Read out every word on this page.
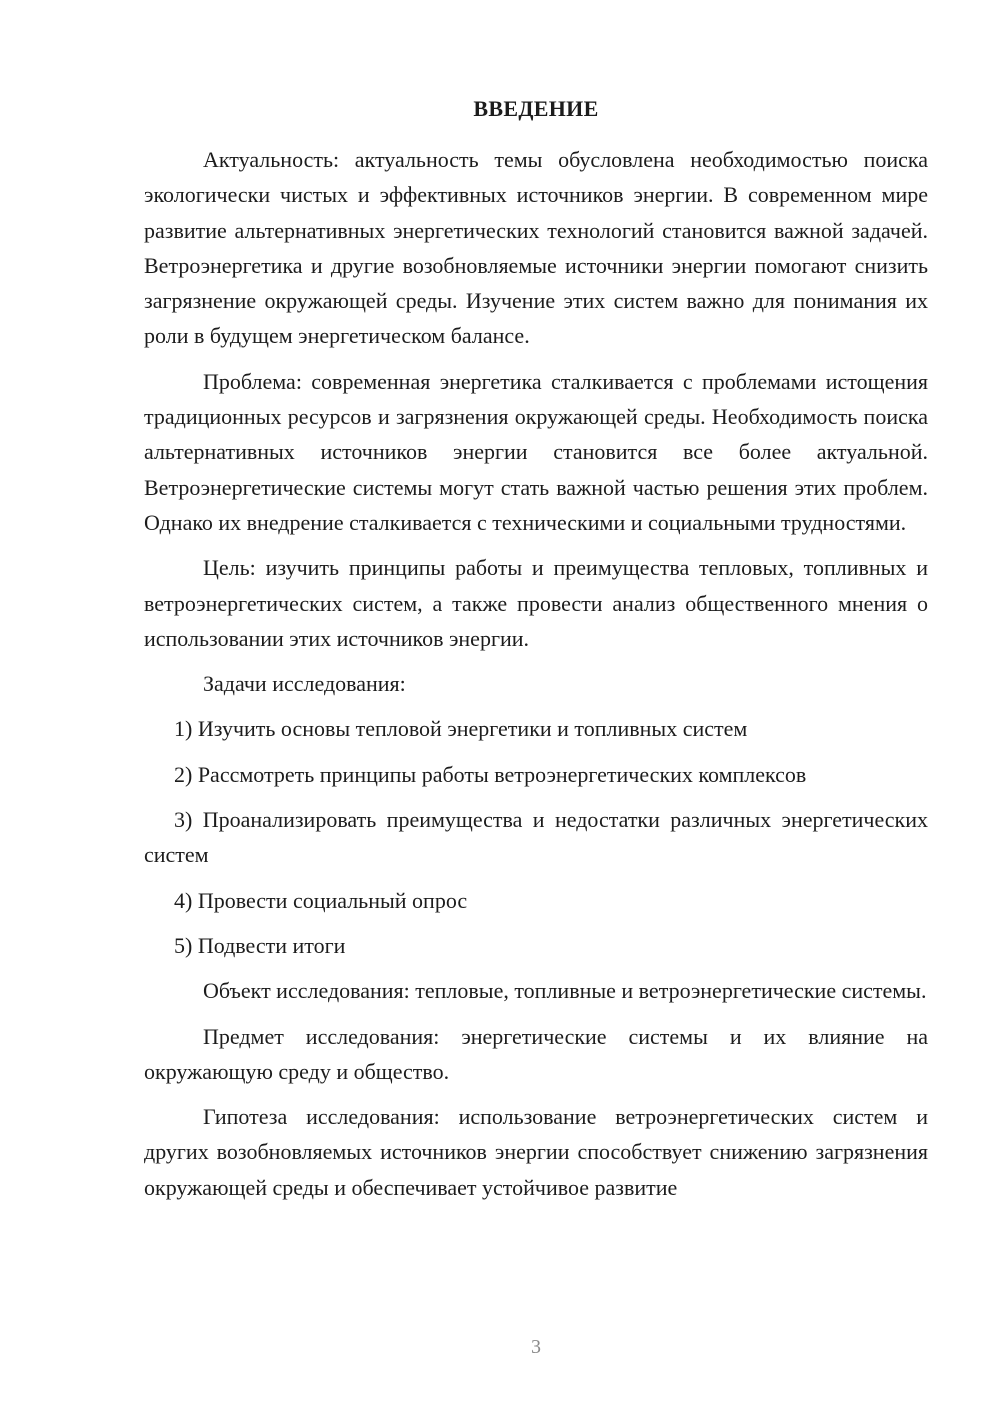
ВВЕДЕНИЕ

Актуальность: актуальность темы обусловлена необходимостью поиска экологически чистых и эффективных источников энергии. В современном мире развитие альтернативных энергетических технологий становится важной задачей. Ветроэнергетика и другие возобновляемые источники энергии помогают снизить загрязнение окружающей среды. Изучение этих систем важно для понимания их роли в будущем энергетическом балансе.

Проблема: современная энергетика сталкивается с проблемами истощения традиционных ресурсов и загрязнения окружающей среды. Необходимость поиска альтернативных источников энергии становится все более актуальной. Ветроэнергетические системы могут стать важной частью решения этих проблем. Однако их внедрение сталкивается с техническими и социальными трудностями.

Цель: изучить принципы работы и преимущества тепловых, топливных и ветроэнергетических систем, а также провести анализ общественного мнения о использовании этих источников энергии.

Задачи исследования:

1) Изучить основы тепловой энергетики и топливных систем

2) Рассмотреть принципы работы ветроэнергетических комплексов

3) Проанализировать преимущества и недостатки различных энергетических систем

4) Провести социальный опрос

5) Подвести итоги

Объект исследования: тепловые, топливные и ветроэнергетические системы.

Предмет исследования: энергетические системы и их влияние на окружающую среду и общество.

Гипотеза исследования: использование ветроэнергетических систем и других возобновляемых источников энергии способствует снижению загрязнения окружающей среды и обеспечивает устойчивое развитие

3
